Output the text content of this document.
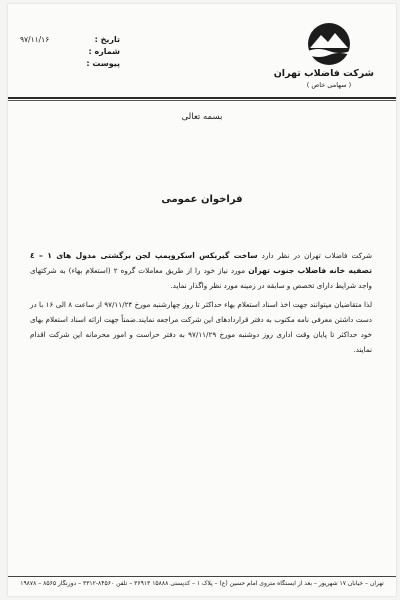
شرکت فاضلاب تهران
( سهامی خاص )
تاریخ :
۹۷/۱۱/۱۶
شماره :
پیوست :
بسمه تعالی
فراخوان عمومی

شرکت فاضلاب تهران در نظر دارد ساخت گیربکس اسکروپمپ لجن برگشتی مدول های ۱ – ٤ تصفیه خانه فاضلاب جنوب تهران مورد نیاز خود را از طریق معاملات گروه ۲ (استعلام بهاء) به شرکتهای واجد شرایط دارای تخصص و سابقه در زمینه مورد نظر واگذار نماید.

لذا متقاضیان میتوانند جهت اخذ اسناد استعلام بهاء حداکثر تا روز چهارشنبه مورخ ۹۷/۱۱/۲۴ از ساعت ۸ الی ۱۶ با در دست داشتن معرفی نامه مکتوب به دفتر قراردادهای این شرکت مراجعه نمایند.ضمناً جهت ارائه اسناد استعلام بهای خود حداکثر تا پایان وقت اداری روز دوشنبه مورخ ۹۷/۱۱/۲۹ به دفتر حراست و امور محرمانه این شرکت اقدام نمایند.

تهران – خیابان ۱۷ شهریور – بعد از ایستگاه متروی امام حسین (ع) – پلاک ۱ – کدپستی ۱۵۸۸۸ ۳۶۹۱۳ – تلفن ۸۴۵۶۰-۳۳۱۲ – دورنگار ۸۵۶۵ – ۱۹۸۷۸
